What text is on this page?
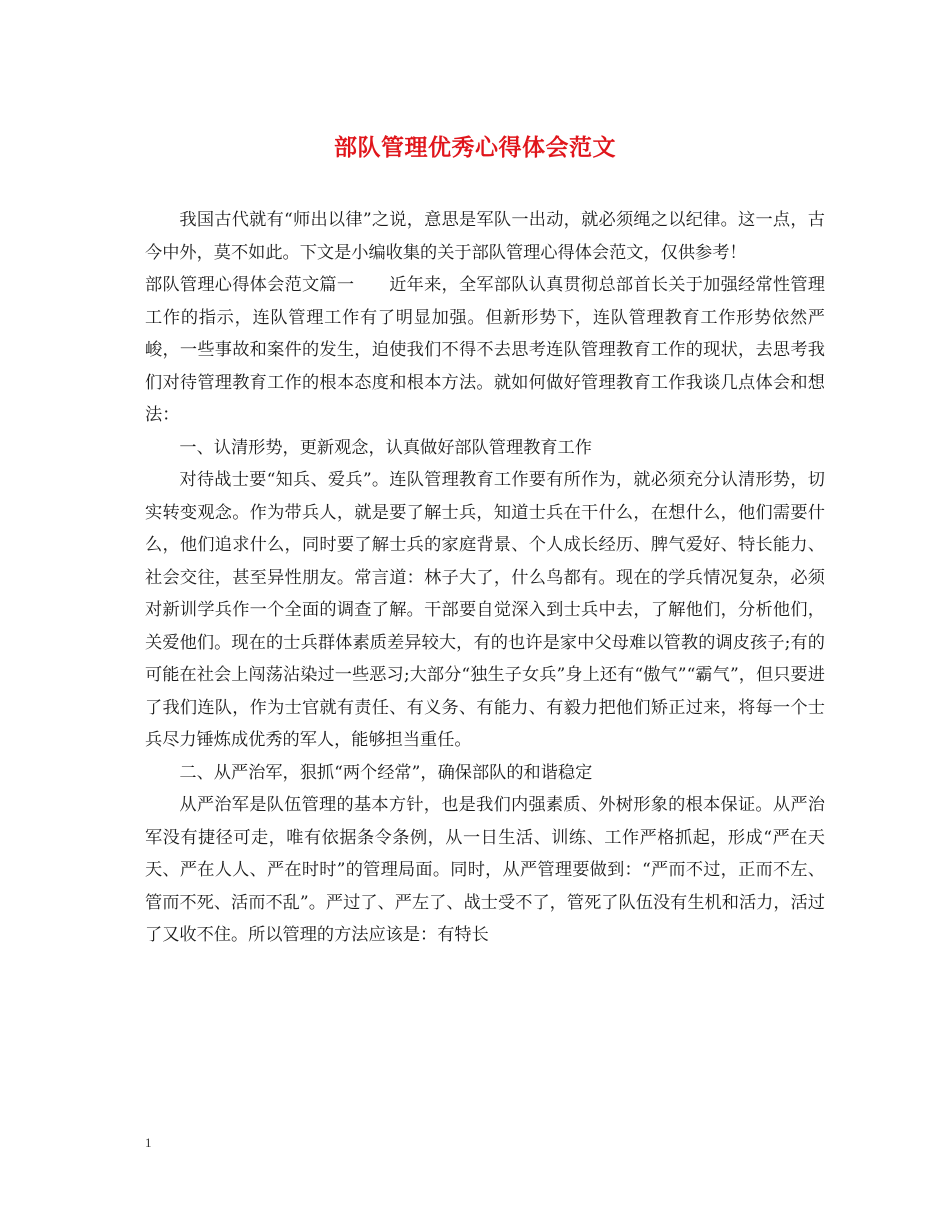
部队管理优秀心得体会范文

我国古代就有“师出以律”之说，意思是军队一出动，就必须绳之以纪律。这一点，古今中外，莫不如此。下文是小编收集的关于部队管理心得体会范文，仅供参考！

部队管理心得体会范文篇一　　近年来，全军部队认真贯彻总部首长关于加强经常性管理工作的指示，连队管理工作有了明显加强。但新形势下，连队管理教育工作形势依然严峻，一些事故和案件的发生，迫使我们不得不去思考连队管理教育工作的现状，去思考我们对待管理教育工作的根本态度和根本方法。就如何做好管理教育工作我谈几点体会和想法：

一、认清形势，更新观念，认真做好部队管理教育工作

对待战士要“知兵、爱兵”。连队管理教育工作要有所作为，就必须充分认清形势，切实转变观念。作为带兵人，就是要了解士兵，知道士兵在干什么，在想什么，他们需要什么，他们追求什么，同时要了解士兵的家庭背景、个人成长经历、脾气爱好、特长能力、社会交往，甚至异性朋友。常言道：林子大了，什么鸟都有。现在的学兵情况复杂，必须对新训学兵作一个全面的调查了解。干部要自觉深入到士兵中去，了解他们，分析他们，关爱他们。现在的士兵群体素质差异较大，有的也许是家中父母难以管教的调皮孩子;有的可能在社会上闯荡沾染过一些恶习;大部分“独生子女兵”身上还有“傲气”“霸气”，但只要进了我们连队，作为士官就有责任、有义务、有能力、有毅力把他们矫正过来，将每一个士兵尽力锤炼成优秀的军人，能够担当重任。

二、从严治军，狠抓“两个经常”，确保部队的和谐稳定

从严治军是队伍管理的基本方针，也是我们内强素质、外树形象的根本保证。从严治军没有捷径可走，唯有依据条令条例，从一日生活、训练、工作严格抓起，形成“严在天天、严在人人、严在时时”的管理局面。同时，从严管理要做到：“严而不过，正而不左、管而不死、活而不乱”。严过了、严左了、战士受不了，管死了队伍没有生机和活力，活过了又收不住。所以管理的方法应该是：有特长

1
